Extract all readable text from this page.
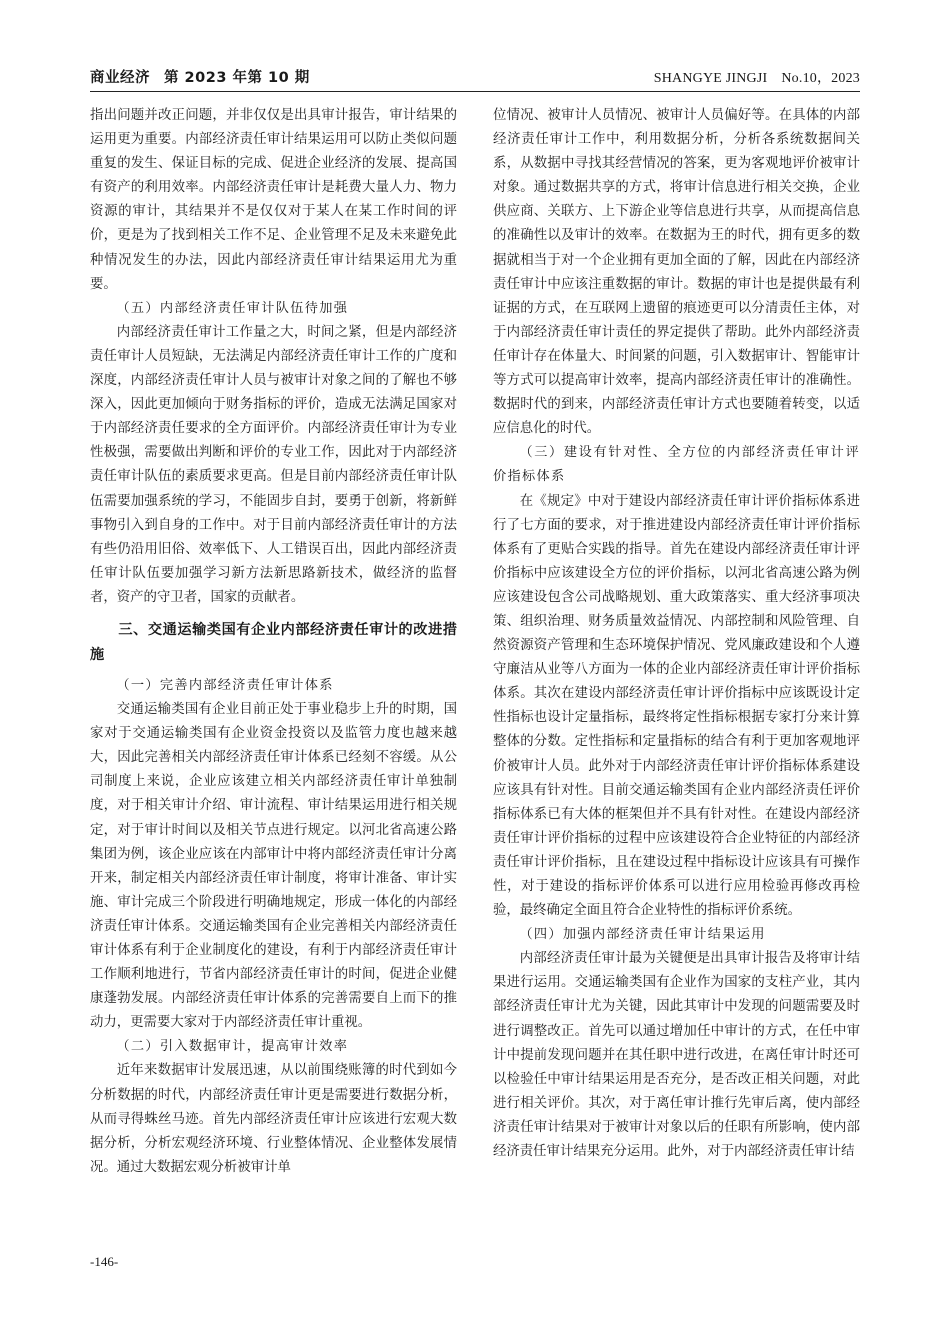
商业经济 第 2023 年第 10 期	SHANGYE JINGJI No.10，2023

指出问题并改正问题，并非仅仅是出具审计报告，审计结果的运用更为重要。内部经济责任审计结果运用可以防止类似问题重复的发生、保证目标的完成、促进企业经济的发展、提高国有资产的利用效率。内部经济责任审计是耗费大量人力、物力资源的审计，其结果并不是仅仅对于某人在某工作时间的评价，更是为了找到相关工作不足、企业管理不足及未来避免此种情况发生的办法，因此内部经济责任审计结果运用尤为重要。

（五）内部经济责任审计队伍待加强

内部经济责任审计工作量之大，时间之紧，但是内部经济责任审计人员短缺，无法满足内部经济责任审计工作的广度和深度，内部经济责任审计人员与被审计对象之间的了解也不够深入，因此更加倾向于财务指标的评价，造成无法满足国家对于内部经济责任要求的全方面评价。内部经济责任审计为专业性极强，需要做出判断和评价的专业工作，因此对于内部经济责任审计队伍的素质要求更高。但是目前内部经济责任审计队伍需要加强系统的学习，不能固步自封，要勇于创新，将新鲜事物引入到自身的工作中。对于目前内部经济责任审计的方法有些仍沿用旧俗、效率低下、人工错误百出，因此内部经济责任审计队伍要加强学习新方法新思路新技术，做经济的监督者，资产的守卫者，国家的贡献者。

三、交通运输类国有企业内部经济责任审计的改进措施
（一）完善内部经济责任审计体系

交通运输类国有企业目前正处于事业稳步上升的时期，国家对于交通运输类国有企业资金投资以及监管力度也越来越大，因此完善相关内部经济责任审计体系已经刻不容缓。从公司制度上来说，企业应该建立相关内部经济责任审计单独制度，对于相关审计介绍、审计流程、审计结果运用进行相关规定，对于审计时间以及相关节点进行规定。以河北省高速公路集团为例，该企业应该在内部审计中将内部经济责任审计分离开来，制定相关内部经济责任审计制度，将审计准备、审计实施、审计完成三个阶段进行明确地规定，形成一体化的内部经济责任审计体系。交通运输类国有企业完善相关内部经济责任审计体系有利于企业制度化的建设，有利于内部经济责任审计工作顺利地进行，节省内部经济责任审计的时间，促进企业健康蓬勃发展。内部经济责任审计体系的完善需要自上而下的推动力，更需要大家对于内部经济责任审计重视。

（二）引入数据审计，提高审计效率

近年来数据审计发展迅速，从以前围绕账簿的时代到如今分析数据的时代，内部经济责任审计更是需要进行数据分析，从而寻得蛛丝马迹。首先内部经济责任审计应该进行宏观大数据分析，分析宏观经济环境、行业整体情况、企业整体发展情况。通过大数据宏观分析被审计单

位情况、被审计人员情况、被审计人员偏好等。在具体的内部经济责任审计工作中，利用数据分析，分析各系统数据间关系，从数据中寻找其经营情况的答案，更为客观地评价被审计对象。通过数据共享的方式，将审计信息进行相关交换，企业供应商、关联方、上下游企业等信息进行共享，从而提高信息的准确性以及审计的效率。在数据为王的时代，拥有更多的数据就相当于对一个企业拥有更加全面的了解，因此在内部经济责任审计中应该注重数据的审计。数据的审计也是提供最有利证据的方式，在互联网上遗留的痕迹更可以分清责任主体，对于内部经济责任审计责任的界定提供了帮助。此外内部经济责任审计存在体量大、时间紧的问题，引入数据审计、智能审计等方式可以提高审计效率，提高内部经济责任审计的准确性。数据时代的到来，内部经济责任审计方式也要随着转变，以适应信息化的时代。

（三）建设有针对性、全方位的内部经济责任审计评价指标体系

在《规定》中对于建设内部经济责任审计评价指标体系进行了七方面的要求，对于推进建设内部经济责任审计评价指标体系有了更贴合实践的指导。首先在建设内部经济责任审计评价指标中应该建设全方位的评价指标，以河北省高速公路为例应该建设包含公司战略规划、重大政策落实、重大经济事项决策、组织治理、财务质量效益情况、内部控制和风险管理、自然资源资产管理和生态环境保护情况、党风廉政建设和个人遵守廉洁从业等八方面为一体的企业内部经济责任审计评价指标体系。其次在建设内部经济责任审计评价指标中应该既设计定性指标也设计定量指标，最终将定性指标根据专家打分来计算整体的分数。定性指标和定量指标的结合有利于更加客观地评价被审计人员。此外对于内部经济责任审计评价指标体系建设应该具有针对性。目前交通运输类国有企业内部经济责任评价指标体系已有大体的框架但并不具有针对性。在建设内部经济责任审计评价指标的过程中应该建设符合企业特征的内部经济责任审计评价指标，且在建设过程中指标设计应该具有可操作性，对于建设的指标评价体系可以进行应用检验再修改再检验，最终确定全面且符合企业特性的指标评价系统。

（四）加强内部经济责任审计结果运用

内部经济责任审计最为关键便是出具审计报告及将审计结果进行运用。交通运输类国有企业作为国家的支柱产业，其内部经济责任审计尤为关键，因此其审计中发现的问题需要及时进行调整改正。首先可以通过增加任中审计的方式，在任中审计中提前发现问题并在其任职中进行改进，在离任审计时还可以检验任中审计结果运用是否充分，是否改正相关问题，对此进行相关评价。其次，对于离任审计推行先审后离，使内部经济责任审计结果对于被审计对象以后的任职有所影响，使内部经济责任审计结果充分运用。此外，对于内部经济责任审计结

-146-
